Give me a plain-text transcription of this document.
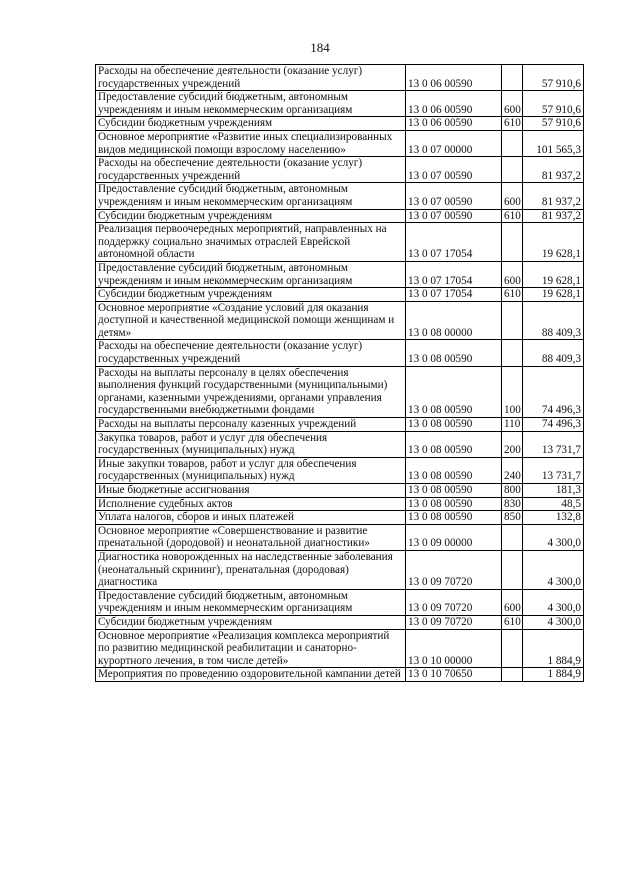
184
Расходы на обеспечение деятельности (оказание услуг) государственных учреждений	13 0 06 00590		57 910,6
Предоставление субсидий бюджетным, автономным учреждениям и иным некоммерческим организациям	13 0 06 00590	600	57 910,6
Субсидии бюджетным учреждениям	13 0 06 00590	610	57 910,6
Основное мероприятие «Развитие иных специализированных видов медицинской помощи взрослому населению»	13 0 07 00000		101 565,3
Расходы на обеспечение деятельности (оказание услуг) государственных учреждений	13 0 07 00590		81 937,2
Предоставление субсидий бюджетным, автономным учреждениям и иным некоммерческим организациям	13 0 07 00590	600	81 937,2
Субсидии бюджетным учреждениям	13 0 07 00590	610	81 937,2
Реализация первоочередных мероприятий, направленных на поддержку социально значимых отраслей Еврейской автономной области	13 0 07 17054		19 628,1
Предоставление субсидий бюджетным, автономным учреждениям и иным некоммерческим организациям	13 0 07 17054	600	19 628,1
Субсидии бюджетным учреждениям	13 0 07 17054	610	19 628,1
Основное мероприятие «Создание условий для оказания доступной и качественной медицинской помощи женщинам и детям»	13 0 08 00000		88 409,3
Расходы на обеспечение деятельности (оказание услуг) государственных учреждений	13 0 08 00590		88 409,3
Расходы на выплаты персоналу в целях обеспечения выполнения функций государственными (муниципальными) органами, казенными учреждениями, органами управления государственными внебюджетными фондами	13 0 08 00590	100	74 496,3
Расходы на выплаты персоналу казенных учреждений	13 0 08 00590	110	74 496,3
Закупка товаров, работ и услуг для обеспечения государственных (муниципальных) нужд	13 0 08 00590	200	13 731,7
Иные закупки товаров, работ и услуг для обеспечения государственных (муниципальных) нужд	13 0 08 00590	240	13 731,7
Иные бюджетные ассигнования	13 0 08 00590	800	181,3
Исполнение судебных актов	13 0 08 00590	830	48,5
Уплата налогов, сборов и иных платежей	13 0 08 00590	850	132,8
Основное мероприятие «Совершенствование и развитие пренатальной (дородовой) и неонатальной диагностики»	13 0 09 00000		4 300,0
Диагностика новорожденных на наследственные заболевания (неонатальный скрининг), пренатальная (дородовая) диагностика	13 0 09 70720		4 300,0
Предоставление субсидий бюджетным, автономным учреждениям и иным некоммерческим организациям	13 0 09 70720	600	4 300,0
Субсидии бюджетным учреждениям	13 0 09 70720	610	4 300,0
Основное мероприятие «Реализация комплекса мероприятий по развитию медицинской реабилитации и санаторно-курортного лечения, в том числе детей»	13 0 10 00000		1 884,9
Мероприятия по проведению оздоровительной кампании детей	13 0 10 70650		1 884,9
